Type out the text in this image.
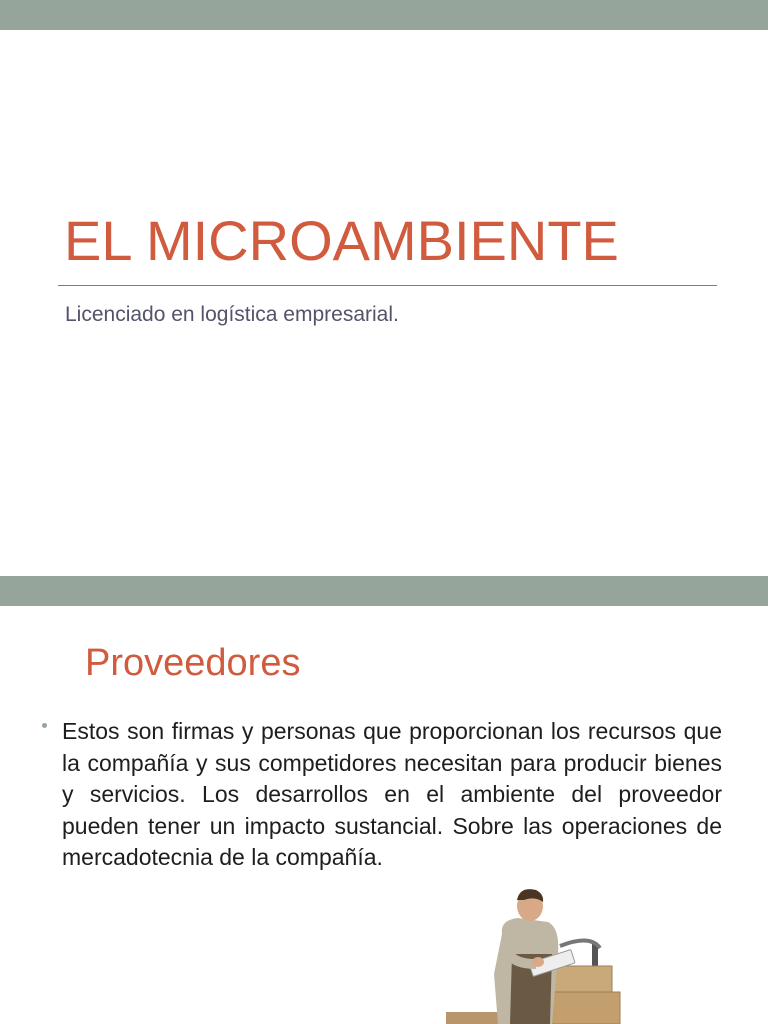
EL MICROAMBIENTE
Licenciado en logística empresarial.
Proveedores
Estos son firmas y personas que proporcionan los recursos que la compañía y sus competidores necesitan para producir bienes y servicios. Los desarrollos en el ambiente del proveedor pueden tener un impacto sustancial. Sobre las operaciones de mercadotecnia de la compañía.
